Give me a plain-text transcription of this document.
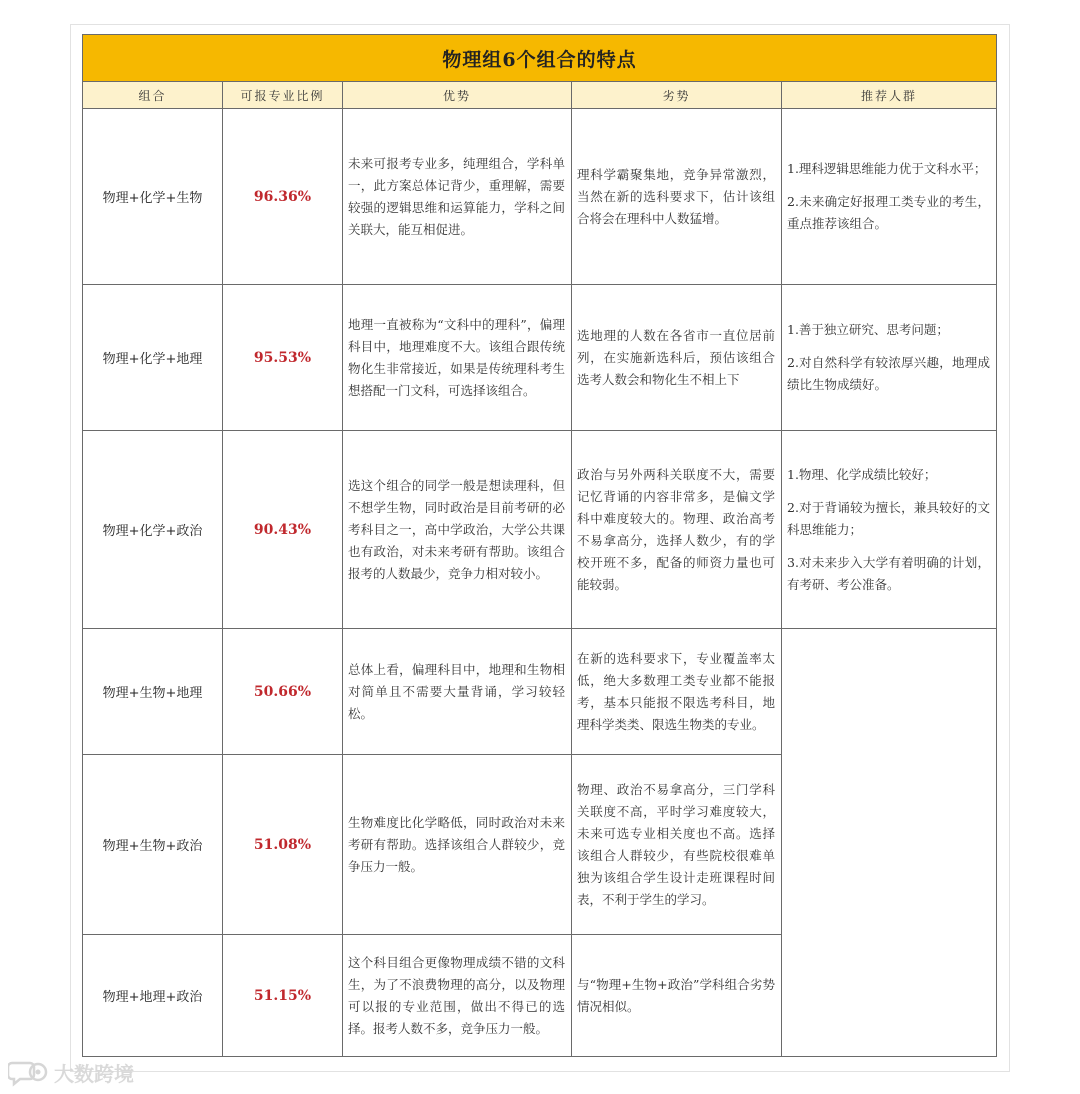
物理组6个组合的特点				
组合	可报专业比例	优势	劣势	推荐人群
物理+化学+生物	96.36%	未来可报考专业多，纯理组合，学科单一，此方案总体记背少，重理解，需要较强的逻辑思维和运算能力，学科之间关联大，能互相促进。	理科学霸聚集地，竞争异常激烈，当然在新的选科要求下，估计该组合将会在理科中人数猛增。	1.理科逻辑思维能力优于文科水平；

2.未来确定好报理工类专业的考生，重点推荐该组合。

物理+化学+地理	95.53%	地理一直被称为“文科中的理科”，偏理科目中，地理难度不大。该组合跟传统物化生非常接近，如果是传统理科考生想搭配一门文科，可选择该组合。	选地理的人数在各省市一直位居前列，在实施新选科后，预估该组合选考人数会和物化生不相上下	1.善于独立研究、思考问题；

2.对自然科学有较浓厚兴趣，地理成绩比生物成绩好。

物理+化学+政治	90.43%	选这个组合的同学一般是想读理科，但不想学生物，同时政治是目前考研的必考科目之一，高中学政治，大学公共课也有政治，对未来考研有帮助。该组合报考的人数最少，竞争力相对较小。	政治与另外两科关联度不大，需要记忆背诵的内容非常多，是偏文学科中难度较大的。物理、政治高考不易拿高分，选择人数少，有的学校开班不多，配备的师资力量也可能较弱。	1.物理、化学成绩比较好；

2.对于背诵较为擅长，兼具较好的文科思维能力；

3.对未来步入大学有着明确的计划，有考研、考公准备。

物理+生物+地理	50.66%	总体上看，偏理科目中，地理和生物相对简单且不需要大量背诵，学习较轻松。	在新的选科要求下，专业覆盖率太低，绝大多数理工类专业都不能报考，基本只能报不限选考科目，地理科学类类、限选生物类的专业。	
物理+生物+政治	51.08%	生物难度比化学略低，同时政治对未来考研有帮助。选择该组合人群较少，竞争压力一般。	物理、政治不易拿高分，三门学科关联度不高，平时学习难度较大，未来可选专业相关度也不高。选择该组合人群较少，有些院校很难单独为该组合学生设计走班课程时间表，不利于学生的学习。	
物理+地理+政治	51.15%	这个科目组合更像物理成绩不错的文科生，为了不浪费物理的高分，以及物理可以报的专业范围，做出不得已的选择。报考人数不多，竞争压力一般。	与“物理+生物+政治”学科组合劣势情况相似。	
大数跨境
